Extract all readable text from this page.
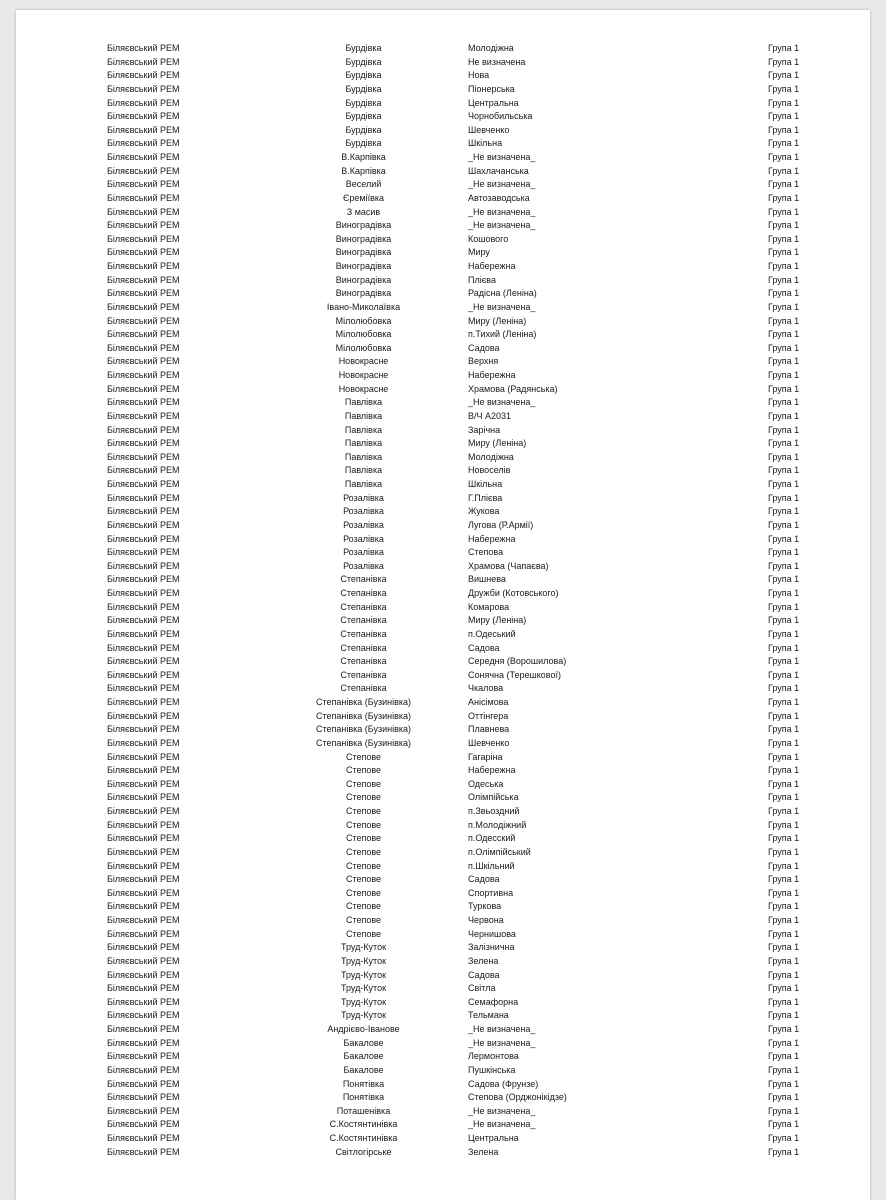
Біляєвський РЕМ	Бурдівка	Молодіжна	Група 1
Біляєвський РЕМ	Бурдівка	Не визначена	Група 1
Біляєвський РЕМ	Бурдівка	Нова	Група 1
Біляєвський РЕМ	Бурдівка	Піонерська	Група 1
Біляєвський РЕМ	Бурдівка	Центральна	Група 1
Біляєвський РЕМ	Бурдівка	Чорнобильська	Група 1
Біляєвський РЕМ	Бурдівка	Шевченко	Група 1
Біляєвський РЕМ	Бурдівка	Шкільна	Група 1
Біляєвський РЕМ	В.Карпівка	_Не визначена_	Група 1
Біляєвський РЕМ	В.Карпівка	Шахлачанська	Група 1
Біляєвський РЕМ	Веселий	_Не визначена_	Група 1
Біляєвський РЕМ	Єреміївка	Автозаводська	Група 1
Біляєвський РЕМ	З масив	_Не визначена_	Група 1
Біляєвський РЕМ	Виноградівка	_Не визначена_	Група 1
Біляєвський РЕМ	Виноградівка	Кошового	Група 1
Біляєвський РЕМ	Виноградівка	Миру	Група 1
Біляєвський РЕМ	Виноградівка	Набережна	Група 1
Біляєвський РЕМ	Виноградівка	Плієва	Група 1
Біляєвський РЕМ	Виноградівка	Радісна (Леніна)	Група 1
Біляєвський РЕМ	Івано-Миколаївка	_Не визначена_	Група 1
Біляєвський РЕМ	Мілолюбовка	Миру (Леніна)	Група 1
Біляєвський РЕМ	Мілолюбовка	п.Тихий (Леніна)	Група 1
Біляєвський РЕМ	Мілолюбовка	Садова	Група 1
Біляєвський РЕМ	Новокрасне	Верхня	Група 1
Біляєвський РЕМ	Новокрасне	Набережна	Група 1
Біляєвський РЕМ	Новокрасне	Храмова (Радянська)	Група 1
Біляєвський РЕМ	Павлівка	_Не визначена_	Група 1
Біляєвський РЕМ	Павлівка	В/Ч А2031	Група 1
Біляєвський РЕМ	Павлівка	Зарічна	Група 1
Біляєвський РЕМ	Павлівка	Миру (Леніна)	Група 1
Біляєвський РЕМ	Павлівка	Молодіжна	Група 1
Біляєвський РЕМ	Павлівка	Новоселів	Група 1
Біляєвський РЕМ	Павлівка	Шкільна	Група 1
Біляєвський РЕМ	Розалівка	Г.Плієва	Група 1
Біляєвський РЕМ	Розалівка	Жукова	Група 1
Біляєвський РЕМ	Розалівка	Лугова (Р.Армії)	Група 1
Біляєвський РЕМ	Розалівка	Набережна	Група 1
Біляєвський РЕМ	Розалівка	Степова	Група 1
Біляєвський РЕМ	Розалівка	Храмова (Чапаєва)	Група 1
Біляєвський РЕМ	Степанівка	Вишнева	Група 1
Біляєвський РЕМ	Степанівка	Дружби (Котовського)	Група 1
Біляєвський РЕМ	Степанівка	Комарова	Група 1
Біляєвський РЕМ	Степанівка	Миру (Леніна)	Група 1
Біляєвський РЕМ	Степанівка	п.Одеський	Група 1
Біляєвський РЕМ	Степанівка	Садова	Група 1
Біляєвський РЕМ	Степанівка	Середня (Ворошилова)	Група 1
Біляєвський РЕМ	Степанівка	Сонячна (Терешкової)	Група 1
Біляєвський РЕМ	Степанівка	Чкалова	Група 1
Біляєвський РЕМ	Степанівка (Бузинівка)	Анісімова	Група 1
Біляєвський РЕМ	Степанівка (Бузинівка)	Оттінгера	Група 1
Біляєвський РЕМ	Степанівка (Бузинівка)	Плавнева	Група 1
Біляєвський РЕМ	Степанівка (Бузинівка)	Шевченко	Група 1
Біляєвський РЕМ	Степове	Гагаріна	Група 1
Біляєвський РЕМ	Степове	Набережна	Група 1
Біляєвський РЕМ	Степове	Одеська	Група 1
Біляєвський РЕМ	Степове	Олімпійська	Група 1
Біляєвський РЕМ	Степове	п.Звьоздний	Група 1
Біляєвський РЕМ	Степове	п.Молодіжний	Група 1
Біляєвський РЕМ	Степове	п.Одесский	Група 1
Біляєвський РЕМ	Степове	п.Олімпійський	Група 1
Біляєвський РЕМ	Степове	п.Шкільний	Група 1
Біляєвський РЕМ	Степове	Садова	Група 1
Біляєвський РЕМ	Степове	Спортивна	Група 1
Біляєвський РЕМ	Степове	Туркова	Група 1
Біляєвський РЕМ	Степове	Червона	Група 1
Біляєвський РЕМ	Степове	Чернишова	Група 1
Біляєвський РЕМ	Труд-Куток	Залізнична	Група 1
Біляєвський РЕМ	Труд-Куток	Зелена	Група 1
Біляєвський РЕМ	Труд-Куток	Садова	Група 1
Біляєвський РЕМ	Труд-Куток	Світла	Група 1
Біляєвський РЕМ	Труд-Куток	Семафорна	Група 1
Біляєвський РЕМ	Труд-Куток	Тельмана	Група 1
Біляєвський РЕМ	Андрієво-Іванове	_Не визначена_	Група 1
Біляєвський РЕМ	Бакалове	_Не визначена_	Група 1
Біляєвський РЕМ	Бакалове	Лермонтова	Група 1
Біляєвський РЕМ	Бакалове	Пушкінська	Група 1
Біляєвський РЕМ	Понятівка	Садова (Фрунзе)	Група 1
Біляєвський РЕМ	Понятівка	Степова (Орджонікідзе)	Група 1
Біляєвський РЕМ	Поташенівка	_Не визначена_	Група 1
Біляєвський РЕМ	С.Костянтинівка	_Не визначена_	Група 1
Біляєвський РЕМ	С.Костянтинівка	Центральна	Група 1
Біляєвський РЕМ	Світлогірське	Зелена	Група 1
